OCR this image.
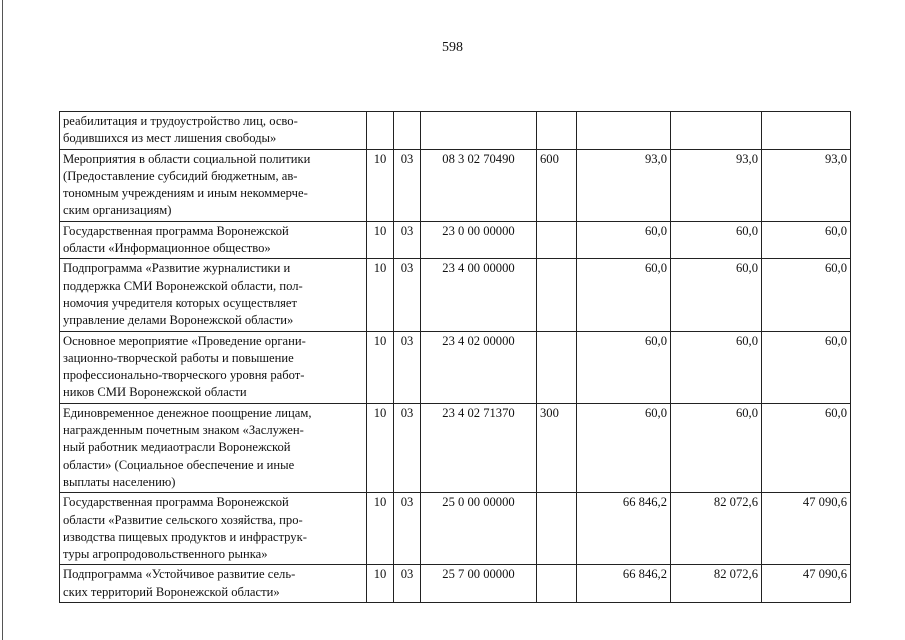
598
реабилитация и трудоустройство лиц, осво-
бодившихся из мест лишения свободы»							

Мероприятия в области социальной политики
(Предоставление субсидий бюджетным, ав-
тономным учреждениям и иным некоммерче-
ским организациям)	10	03	08 3 02 70490	600	93,0	93,0	93,0

Государственная программа Воронежской
области «Информационное общество»	10	03	23 0 00 00000		60,0	60,0	60,0

Подпрограмма «Развитие журналистики и
поддержка СМИ Воронежской области, пол-
номочия учредителя которых осуществляет
управление делами Воронежской области»	10	03	23 4 00 00000		60,0	60,0	60,0

Основное мероприятие «Проведение органи-
зационно-творческой работы и повышение
профессионально-творческого уровня работ-
ников СМИ Воронежской области	10	03	23 4 02 00000		60,0	60,0	60,0

Единовременное денежное поощрение лицам,
награжденным почетным знаком «Заслужен-
ный работник медиаотрасли Воронежской
области» (Социальное обеспечение и иные
выплаты населению)	10	03	23 4 02 71370	300	60,0	60,0	60,0

Государственная программа Воронежской
области «Развитие сельского хозяйства, про-
изводства пищевых продуктов и инфраструк-
туры агропродовольственного рынка»	10	03	25 0 00 00000		66 846,2	82 072,6	47 090,6

Подпрограмма «Устойчивое развитие сель-
ских территорий Воронежской области»	10	03	25 7 00 00000		66 846,2	82 072,6	47 090,6
